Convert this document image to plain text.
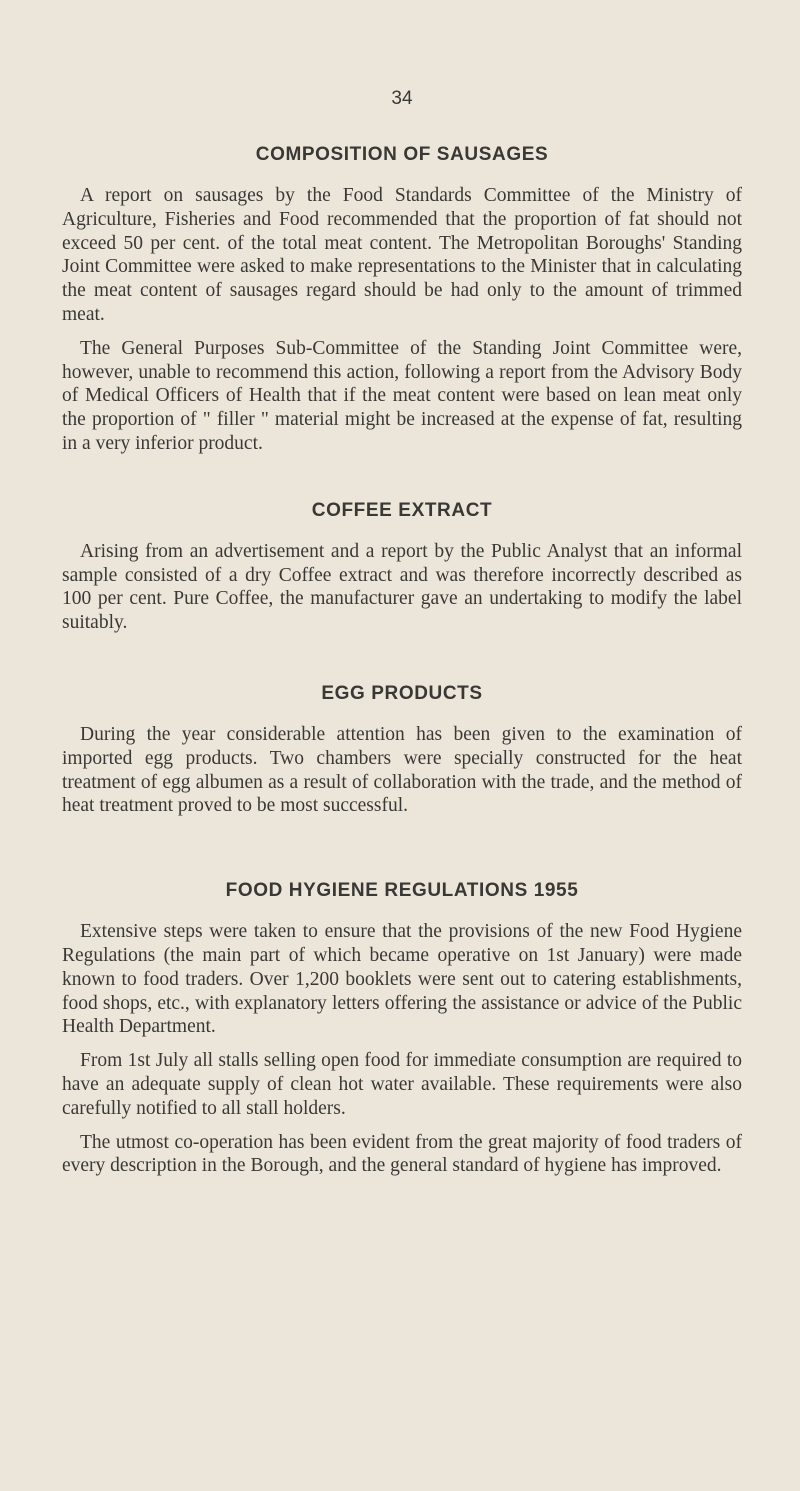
34
COMPOSITION OF SAUSAGES

A report on sausages by the Food Standards Committee of the Ministry of Agriculture, Fisheries and Food recommended that the proportion of fat should not exceed 50 per cent. of the total meat content. The Metropolitan Boroughs' Standing Joint Committee were asked to make representations to the Minister that in calculating the meat content of sausages regard should be had only to the amount of trimmed meat.

The General Purposes Sub-Committee of the Standing Joint Committee were, however, unable to recommend this action, following a report from the Advisory Body of Medical Officers of Health that if the meat content were based on lean meat only the proportion of " filler " material might be increased at the expense of fat, resulting in a very inferior product.

COFFEE EXTRACT

Arising from an advertisement and a report by the Public Analyst that an informal sample consisted of a dry Coffee extract and was therefore incorrectly described as 100 per cent. Pure Coffee, the manufacturer gave an undertaking to modify the label suitably.

EGG PRODUCTS

During the year considerable attention has been given to the examination of imported egg products. Two chambers were specially constructed for the heat treatment of egg albumen as a result of collaboration with the trade, and the method of heat treatment proved to be most successful.

FOOD HYGIENE REGULATIONS 1955

Extensive steps were taken to ensure that the provisions of the new Food Hygiene Regulations (the main part of which became operative on 1st January) were made known to food traders. Over 1,200 booklets were sent out to catering establishments, food shops, etc., with explanatory letters offering the assistance or advice of the Public Health Department.

From 1st July all stalls selling open food for immediate consumption are required to have an adequate supply of clean hot water available. These requirements were also carefully notified to all stall holders.

The utmost co-operation has been evident from the great majority of food traders of every description in the Borough, and the general standard of hygiene has improved.
